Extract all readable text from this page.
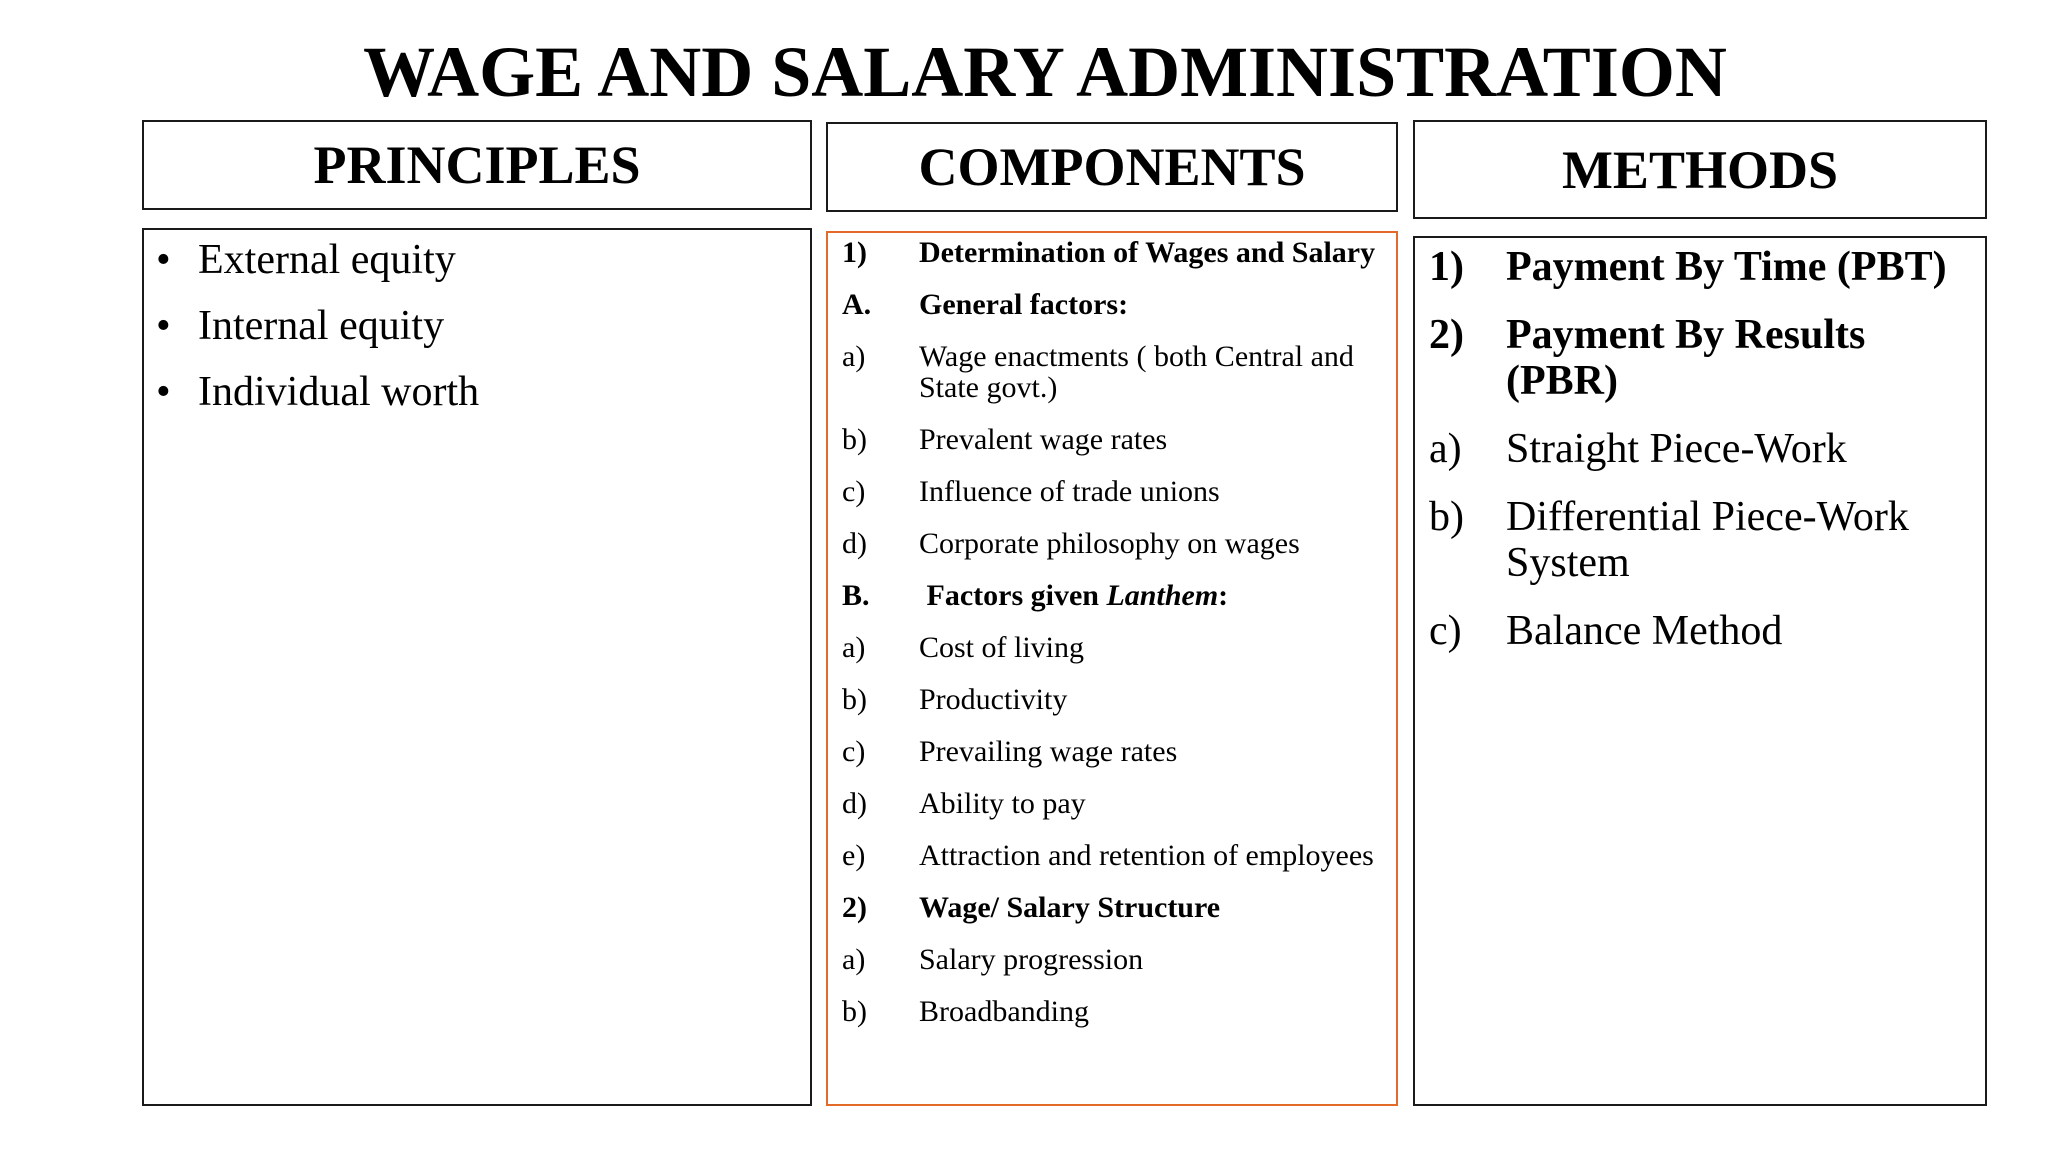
WAGE AND SALARY ADMINISTRATION
PRINCIPLES	COMPONENTS	METHODS
• External equity
• Internal equity
• Individual worth
1)	Determination of Wages and Salary
A.	General factors:
a)	Wage enactments ( both Central and State govt.)
b)	Prevalent wage rates
c)	Influence of trade unions
d)	Corporate philosophy on wages
B.	Factors given Lanthem:
a)	Cost of living
b)	Productivity
c)	Prevailing wage rates
d)	Ability to pay
e)	Attraction and retention of employees
2)	Wage/ Salary Structure
a)	Salary progression
b)	Broadbanding
1)	Payment By Time (PBT)
2)	Payment By Results (PBR)
a)	Straight Piece-Work
b)	Differential Piece-Work System
c)	Balance Method
